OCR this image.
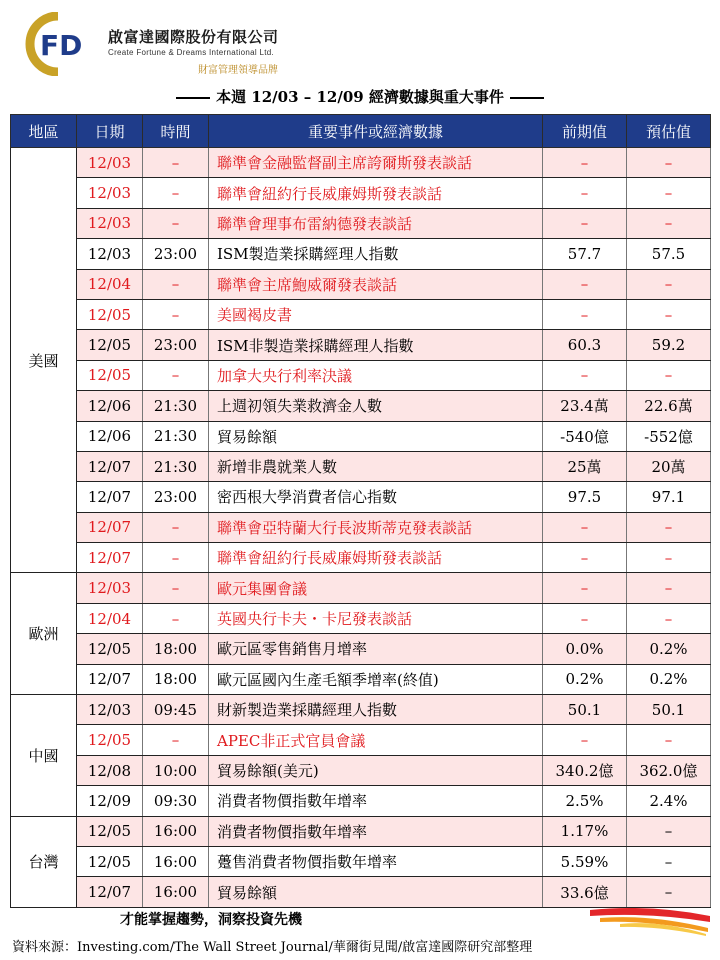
FD 啟富達國際股份有限公司
Create Fortune & Dreams International Ltd.
財富管理領導品牌
本週 12/03 – 12/09 經濟數據與重大事件
地區	日期	時間	重要事件或經濟數據	前期值	預估值
美國	12/03	–	聯準會金融監督副主席誇爾斯發表談話	–	–
	12/03	–	聯準會紐約行長威廉姆斯發表談話	–	–
	12/03	–	聯準會理事布雷納德發表談話	–	–
	12/03	23:00	ISM製造業採購經理人指數	57.7	57.5
	12/04	–	聯準會主席鮑威爾發表談話	–	–
	12/05	–	美國褐皮書	–	–
	12/05	23:00	ISM非製造業採購經理人指數	60.3	59.2
	12/05	–	加拿大央行利率決議	–	–
	12/06	21:30	上週初領失業救濟金人數	23.4萬	22.6萬
	12/06	21:30	貿易餘額	-540億	-552億
	12/07	21:30	新增非農就業人數	25萬	20萬
	12/07	23:00	密西根大學消費者信心指數	97.5	97.1
	12/07	–	聯準會亞特蘭大行長波斯蒂克發表談話	–	–
	12/07	–	聯準會紐約行長威廉姆斯發表談話	–	–
歐洲	12/03	–	歐元集團會議	–	–
	12/04	–	英國央行卡夫・卡尼發表談話	–	–
	12/05	18:00	歐元區零售銷售月增率	0.0%	0.2%
	12/07	18:00	歐元區國內生產毛額季增率(終值)	0.2%	0.2%
中國	12/03	09:45	財新製造業採購經理人指數	50.1	50.1
	12/05	–	APEC非正式官員會議	–	–
	12/08	10:00	貿易餘額(美元)	340.2億	362.0億
	12/09	09:30	消費者物價指數年增率	2.5%	2.4%
台灣	12/05	16:00	消費者物價指數年增率	1.17%	–
	12/05	16:00	躉售消費者物價指數年增率	5.59%	–
	12/07	16:00	貿易餘額	33.6億	–
才能掌握趨勢，洞察投資先機
資料來源：Investing.com/The Wall Street Journal/華爾街見聞/啟富達國際研究部整理
